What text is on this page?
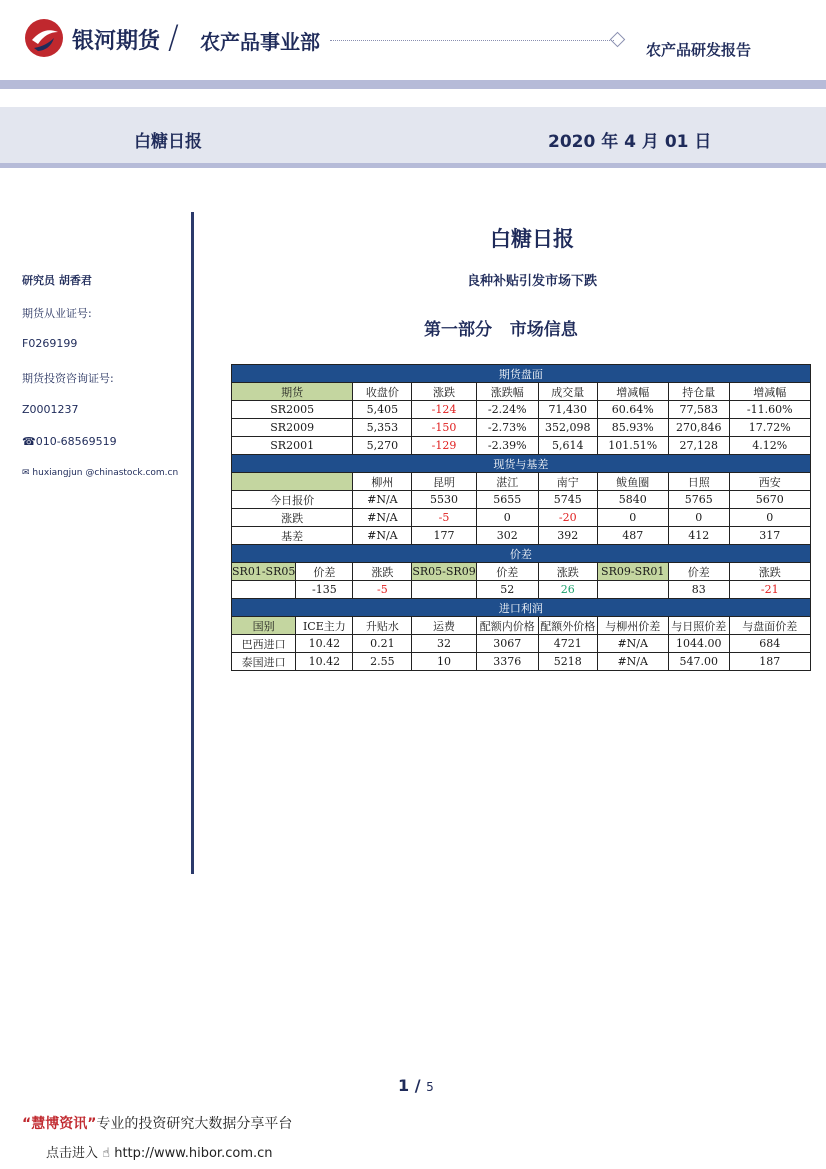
银河期货 / 农产品事业部	农产品研发报告
白糖日报	2020 年 4 月 01 日
研究员 胡香君
期货从业证号:
F0269199
期货投资咨询证号:
Z0001237
☎010-68569519
✉ huxiangjun @chinastock.com.cn
白糖日报
良种补贴引发市场下跌
第一部分 市场信息
期货盘面								
期货		收盘价	涨跌	涨跌幅	成交量	增减幅	持仓量	增减幅
SR2005		5,405	-124	-2.24%	71,430	60.64%	77,583	-11.60%
SR2009		5,353	-150	-2.73%	352,098	85.93%	270,846	17.72%
SR2001		5,270	-129	-2.39%	5,614	101.51%	27,128	4.12%
现货与基差								
		柳州	昆明	湛江	南宁	鲅鱼圈	日照	西安
今日报价		#N/A	5530	5655	5745	5840	5765	5670
涨跌		#N/A	-5	0	-20	0	0	0
基差		#N/A	177	302	392	487	412	317
价差								
SR01-SR05	价差	涨跌	SR05-SR09	价差	涨跌	SR09-SR01	价差	涨跌
	-135	-5		52	26		83	-21
进口利润								
国别	ICE主力	升贴水	运费	配额内价格	配额外价格	与柳州价差	与日照价差	与盘面价差
巴西进口	10.42	0.21	32	3067	4721	#N/A	1044.00	684
泰国进口	10.42	2.55	10	3376	5218	#N/A	547.00	187
1 / 5
“慧博资讯”专业的投资研究大数据分享平台
点击进入 ☝ http://www.hibor.com.cn
